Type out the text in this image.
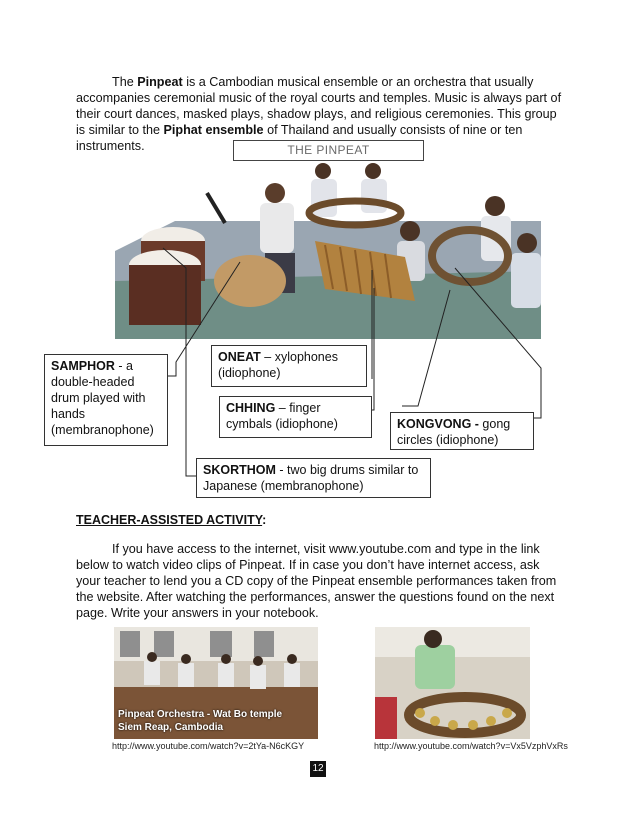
The Pinpeat is a Cambodian musical ensemble or an orchestra that usually accompanies ceremonial music of the royal courts and temples. Music is always part of their court dances, masked plays, shadow plays, and religious ceremonies. This group is similar to the Piphat ensemble of Thailand and usually consists of nine or ten instruments.	THE PINPEAT
SAMPHOR - a double-headed drum played with hands (membranophone)
ONEAT – xylophones (idiophone)
CHHING – finger cymbals (idiophone)	KONGVONG - gong circles (idiophone)
SKORTHOM - two big drums similar to Japanese (membranophone)
TEACHER-ASSISTED ACTIVITY:
If you have access to the internet, visit www.youtube.com and type in the link below to watch video clips of Pinpeat. If in case you don’t have internet access, ask your teacher to lend you a CD copy of the Pinpeat ensemble performances taken from the website. After watching the performances, answer the questions found on the next page. Write your answers in your notebook.
Pinpeat Orchestra - Wat Bo temple
Siem Reap, Cambodia
http://www.youtube.com/watch?v=2tYa-N6cKGY	http://www.youtube.com/watch?v=Vx5VzphVxRs
12
